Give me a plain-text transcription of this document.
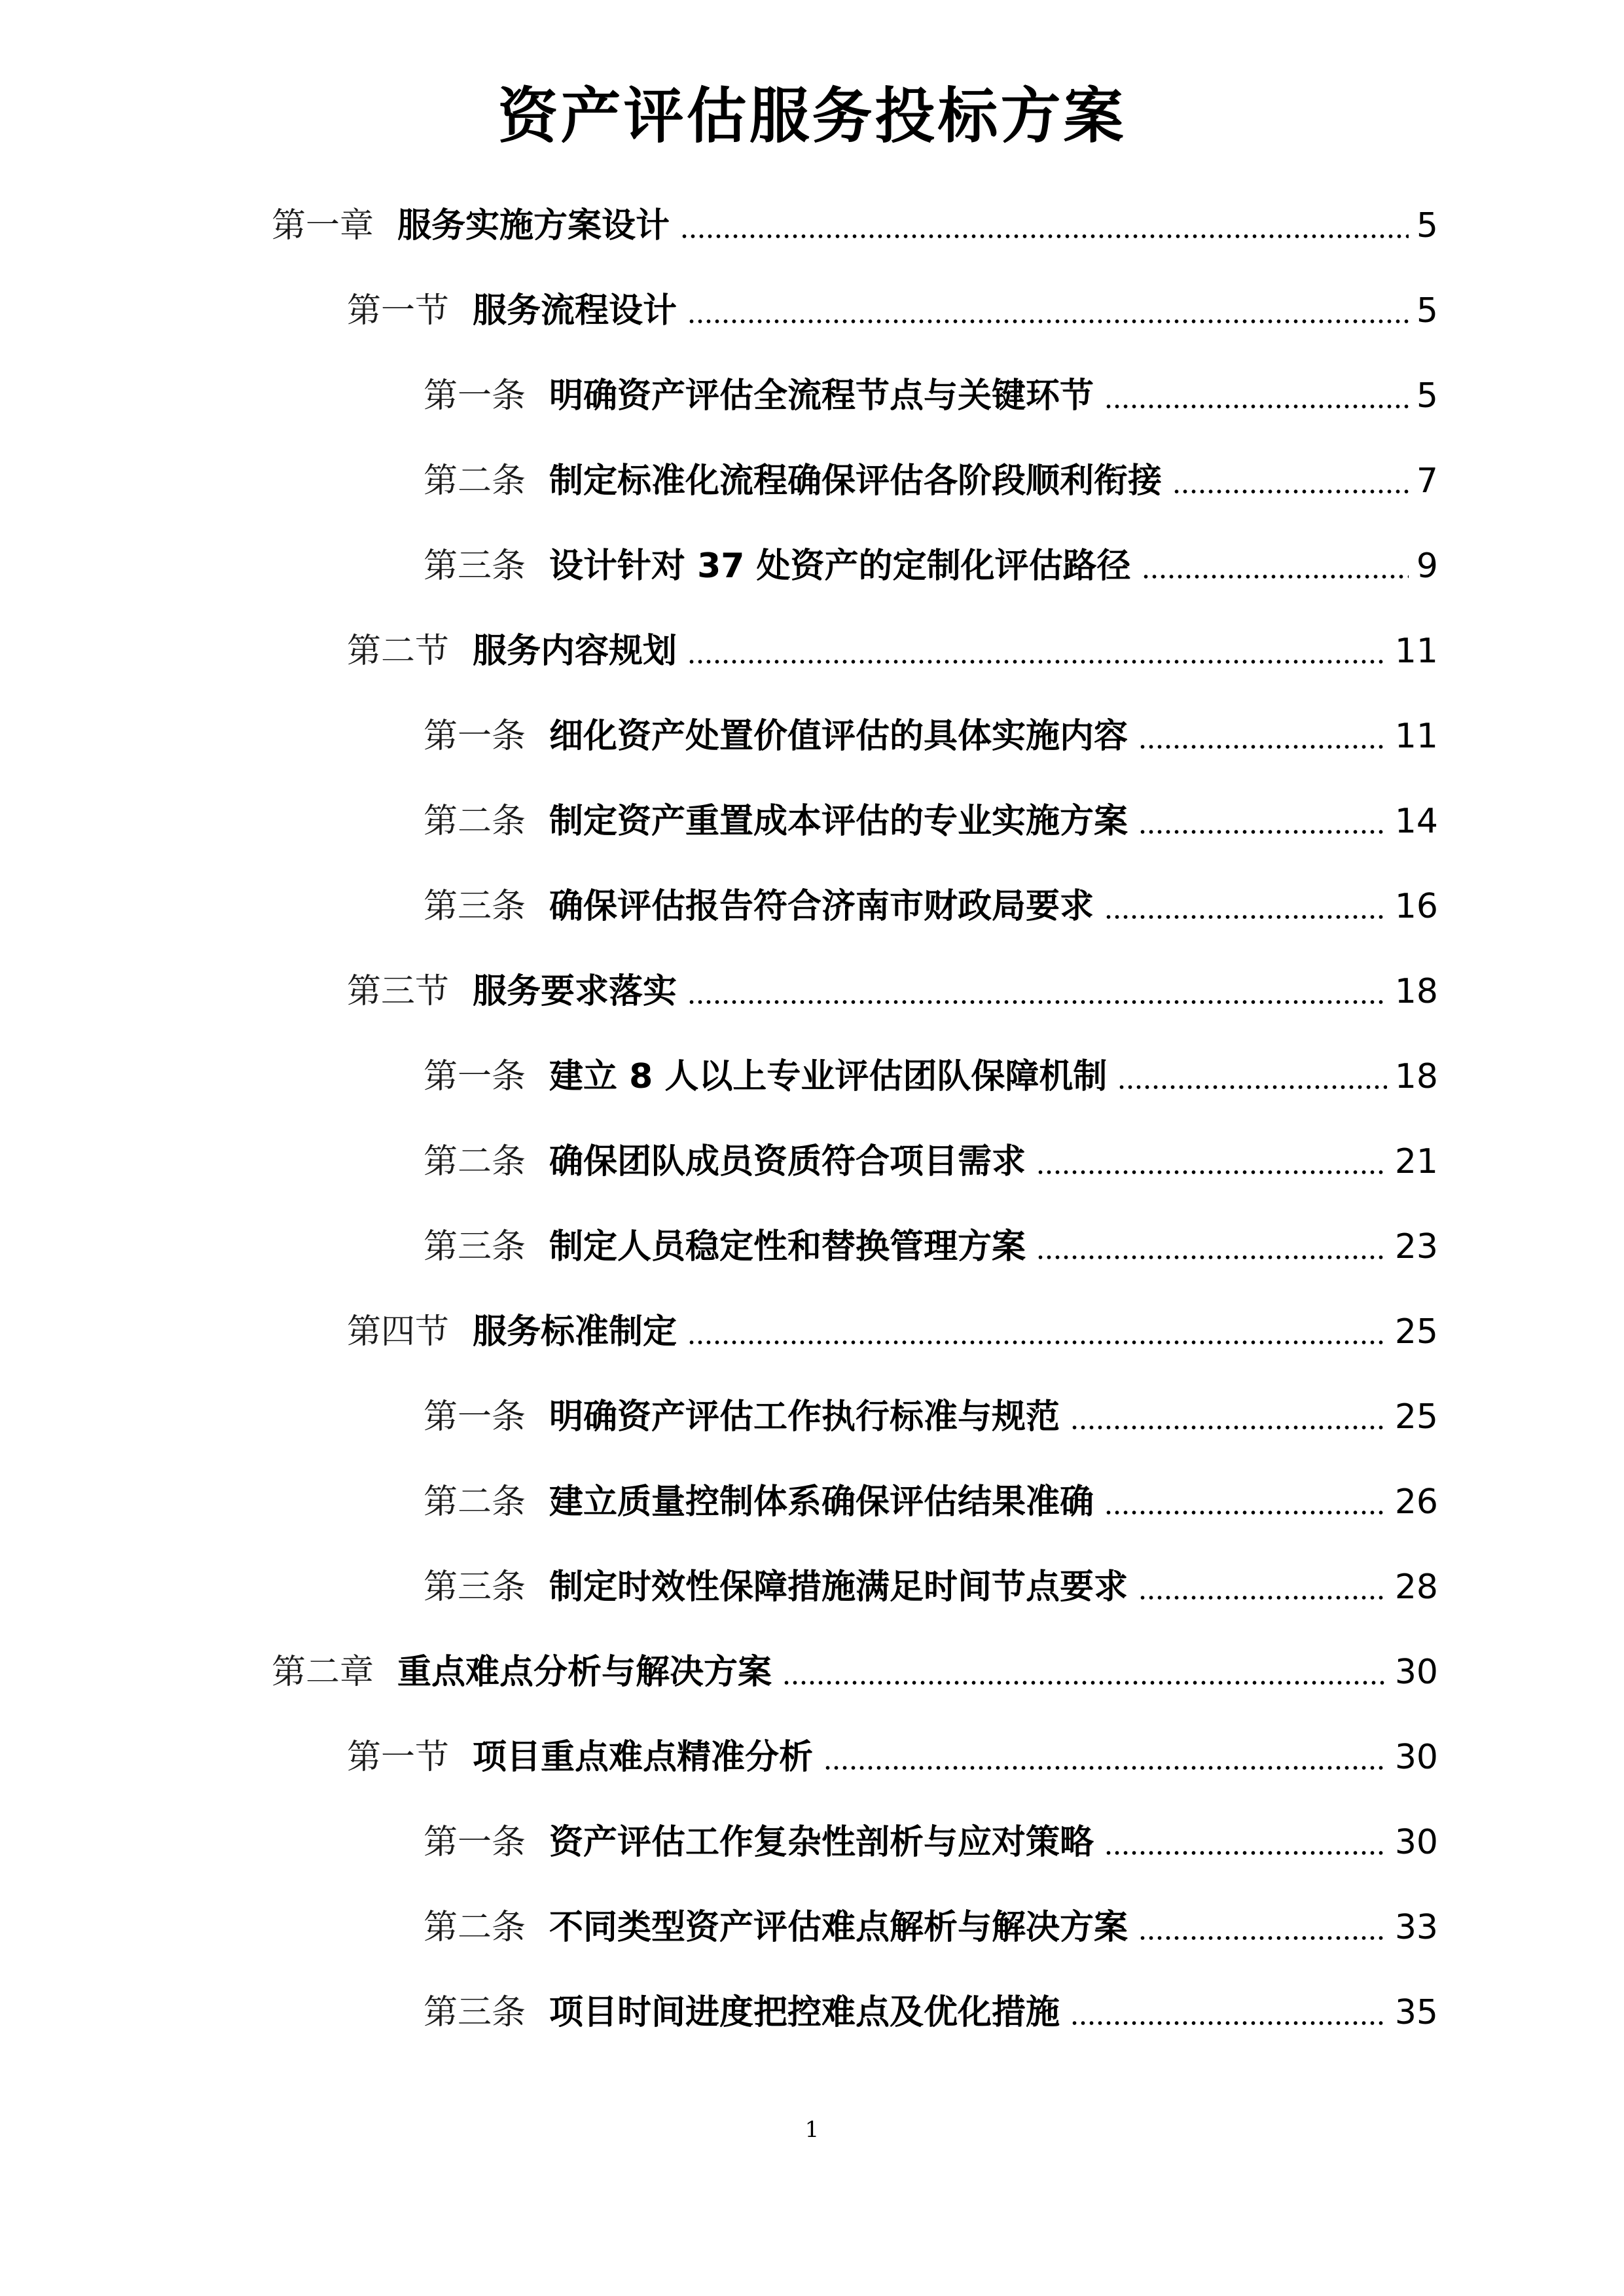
资产评估服务投标方案
第一章 服务实施方案设计	5
第一节 服务流程设计	5
第一条 明确资产评估全流程节点与关键环节	5
第二条 制定标准化流程确保评估各阶段顺利衔接	7
第三条 设计针对 37 处资产的定制化评估路径	9
第二节 服务内容规划	11
第一条 细化资产处置价值评估的具体实施内容	11
第二条 制定资产重置成本评估的专业实施方案	14
第三条 确保评估报告符合济南市财政局要求	16
第三节 服务要求落实	18
第一条 建立 8 人以上专业评估团队保障机制	18
第二条 确保团队成员资质符合项目需求	21
第三条 制定人员稳定性和替换管理方案	23
第四节 服务标准制定	25
第一条 明确资产评估工作执行标准与规范	25
第二条 建立质量控制体系确保评估结果准确	26
第三条 制定时效性保障措施满足时间节点要求	28
第二章 重点难点分析与解决方案	30
第一节 项目重点难点精准分析	30
第一条 资产评估工作复杂性剖析与应对策略	30
第二条 不同类型资产评估难点解析与解决方案	33
第三条 项目时间进度把控难点及优化措施	35
1
